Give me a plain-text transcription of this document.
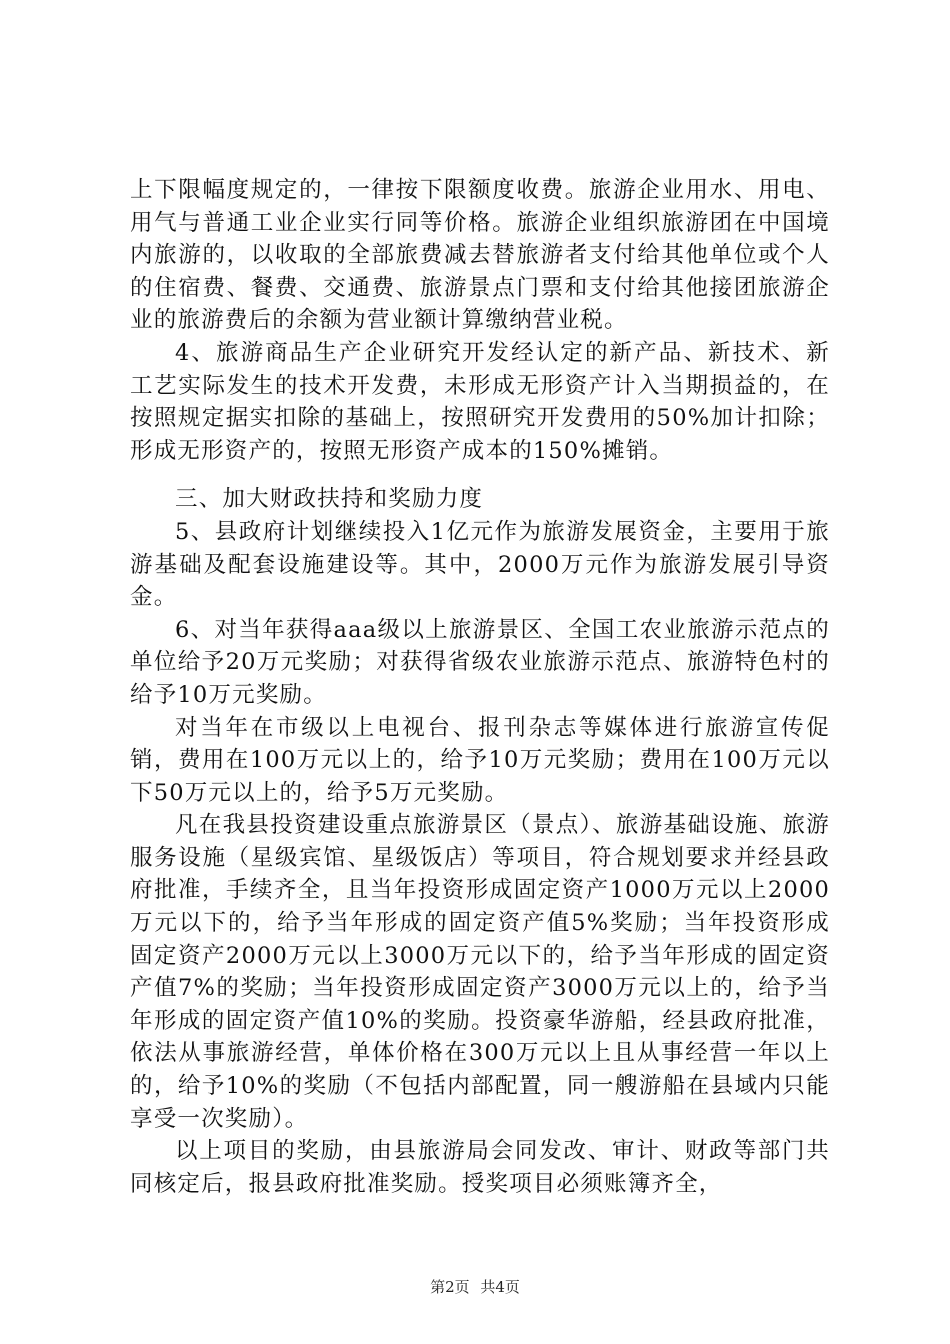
上下限幅度规定的，一律按下限额度收费。旅游企业用水、用电、用气与普通工业企业实行同等价格。旅游企业组织旅游团在中国境内旅游的，以收取的全部旅费减去替旅游者支付给其他单位或个人的住宿费、餐费、交通费、旅游景点门票和支付给其他接团旅游企业的旅游费后的余额为营业额计算缴纳营业税。

4、旅游商品生产企业研究开发经认定的新产品、新技术、新工艺实际发生的技术开发费，未形成无形资产计入当期损益的，在按照规定据实扣除的基础上，按照研究开发费用的50%加计扣除；形成无形资产的，按照无形资产成本的150%摊销。

三、加大财政扶持和奖励力度

5、县政府计划继续投入1亿元作为旅游发展资金，主要用于旅游基础及配套设施建设等。其中，2000万元作为旅游发展引导资金。

6、对当年获得aaa级以上旅游景区、全国工农业旅游示范点的单位给予20万元奖励；对获得省级农业旅游示范点、旅游特色村的给予10万元奖励。

对当年在市级以上电视台、报刊杂志等媒体进行旅游宣传促销，费用在100万元以上的，给予10万元奖励；费用在100万元以下50万元以上的，给予5万元奖励。

凡在我县投资建设重点旅游景区（景点）、旅游基础设施、旅游服务设施（星级宾馆、星级饭店）等项目，符合规划要求并经县政府批准，手续齐全，且当年投资形成固定资产1000万元以上2000万元以下的，给予当年形成的固定资产值5%奖励；当年投资形成固定资产2000万元以上3000万元以下的，给予当年形成的固定资产值7%的奖励；当年投资形成固定资产3000万元以上的，给予当年形成的固定资产值10%的奖励。投资豪华游船，经县政府批准，依法从事旅游经营，单体价格在300万元以上且从事经营一年以上的，给予10%的奖励（不包括内部配置，同一艘游船在县域内只能享受一次奖励）。

以上项目的奖励，由县旅游局会同发改、审计、财政等部门共同核定后，报县政府批准奖励。授奖项目必须账簿齐全，

第2页 共4页
